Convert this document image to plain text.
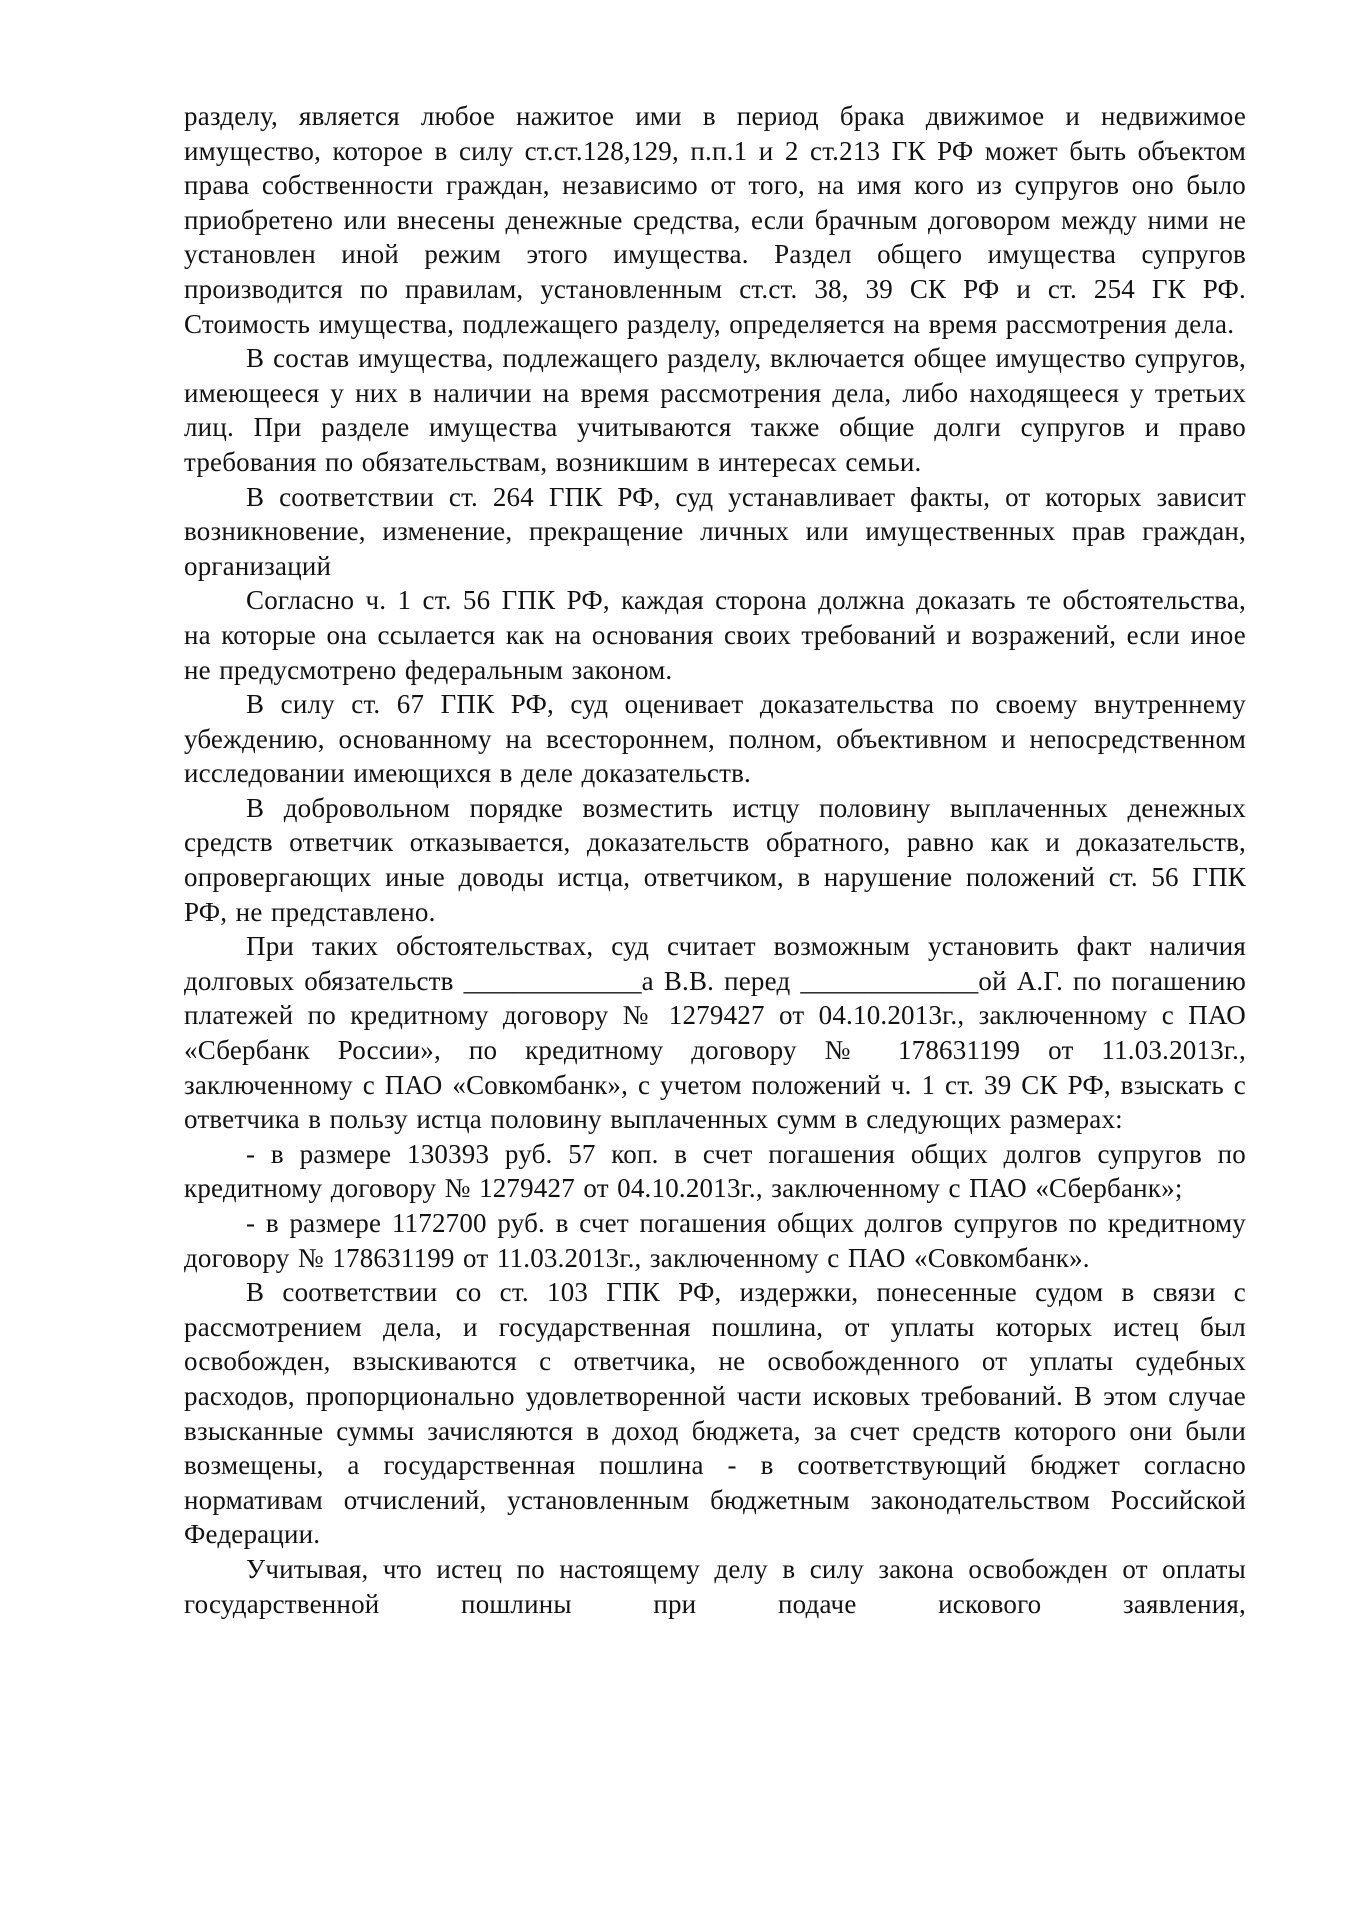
разделу, является любое нажитое ими в период брака движимое и недвижимое имущество, которое в силу ст.ст.128,129, п.п.1 и 2 ст.213 ГК РФ может быть объектом права собственности граждан, независимо от того, на имя кого из супругов оно было приобретено или внесены денежные средства, если брачным договором между ними не установлен иной режим этого имущества. Раздел общего имущества супругов производится по правилам, установленным ст.ст. 38, 39 СК РФ и ст. 254 ГК РФ. Стоимость имущества, подлежащего разделу, определяется на время рассмотрения дела.

В состав имущества, подлежащего разделу, включается общее имущество супругов, имеющееся у них в наличии на время рассмотрения дела, либо находящееся у третьих лиц. При разделе имущества учитываются также общие долги супругов и право требования по обязательствам, возникшим в интересах семьи.

В соответствии ст. 264 ГПК РФ, суд устанавливает факты, от которых зависит возникновение, изменение, прекращение личных или имущественных прав граждан, организаций

Согласно ч. 1 ст. 56 ГПК РФ, каждая сторона должна доказать те обстоятельства, на которые она ссылается как на основания своих требований и возражений, если иное не предусмотрено федеральным законом.

В силу ст. 67 ГПК РФ, суд оценивает доказательства по своему внутреннему убеждению, основанному на всестороннем, полном, объективном и непосредственном исследовании имеющихся в деле доказательств.

В добровольном порядке возместить истцу половину выплаченных денежных средств ответчик отказывается, доказательств обратного, равно как и доказательств, опровергающих иные доводы истца, ответчиком, в нарушение положений ст. 56 ГПК РФ, не представлено.

При таких обстоятельствах, суд считает возможным установить факт наличия долговых обязательств _____________а В.В. перед _____________ой А.Г. по погашению платежей по кредитному договору № 1279427 от 04.10.2013г., заключенному с ПАО «Сбербанк России», по кредитному договору № 178631199 от 11.03.2013г., заключенному с ПАО «Совкомбанк», с учетом положений ч. 1 ст. 39 СК РФ, взыскать с ответчика в пользу истца половину выплаченных сумм в следующих размерах:

- в размере 130393 руб. 57 коп. в счет погашения общих долгов супругов по кредитному договору № 1279427 от 04.10.2013г., заключенному с ПАО «Сбербанк»;

- в размере 1172700 руб. в счет погашения общих долгов супругов по кредитному договору № 178631199 от 11.03.2013г., заключенному с ПАО «Совкомбанк».

В соответствии со ст. 103 ГПК РФ, издержки, понесенные судом в связи с рассмотрением дела, и государственная пошлина, от уплаты которых истец был освобожден, взыскиваются с ответчика, не освобожденного от уплаты судебных расходов, пропорционально удовлетворенной части исковых требований. В этом случае взысканные суммы зачисляются в доход бюджета, за счет средств которого они были возмещены, а государственная пошлина - в соответствующий бюджет согласно нормативам отчислений, установленным бюджетным законодательством Российской Федерации.

Учитывая, что истец по настоящему делу в силу закона освобожден от оплаты государственной пошлины при подаче искового заявления,
